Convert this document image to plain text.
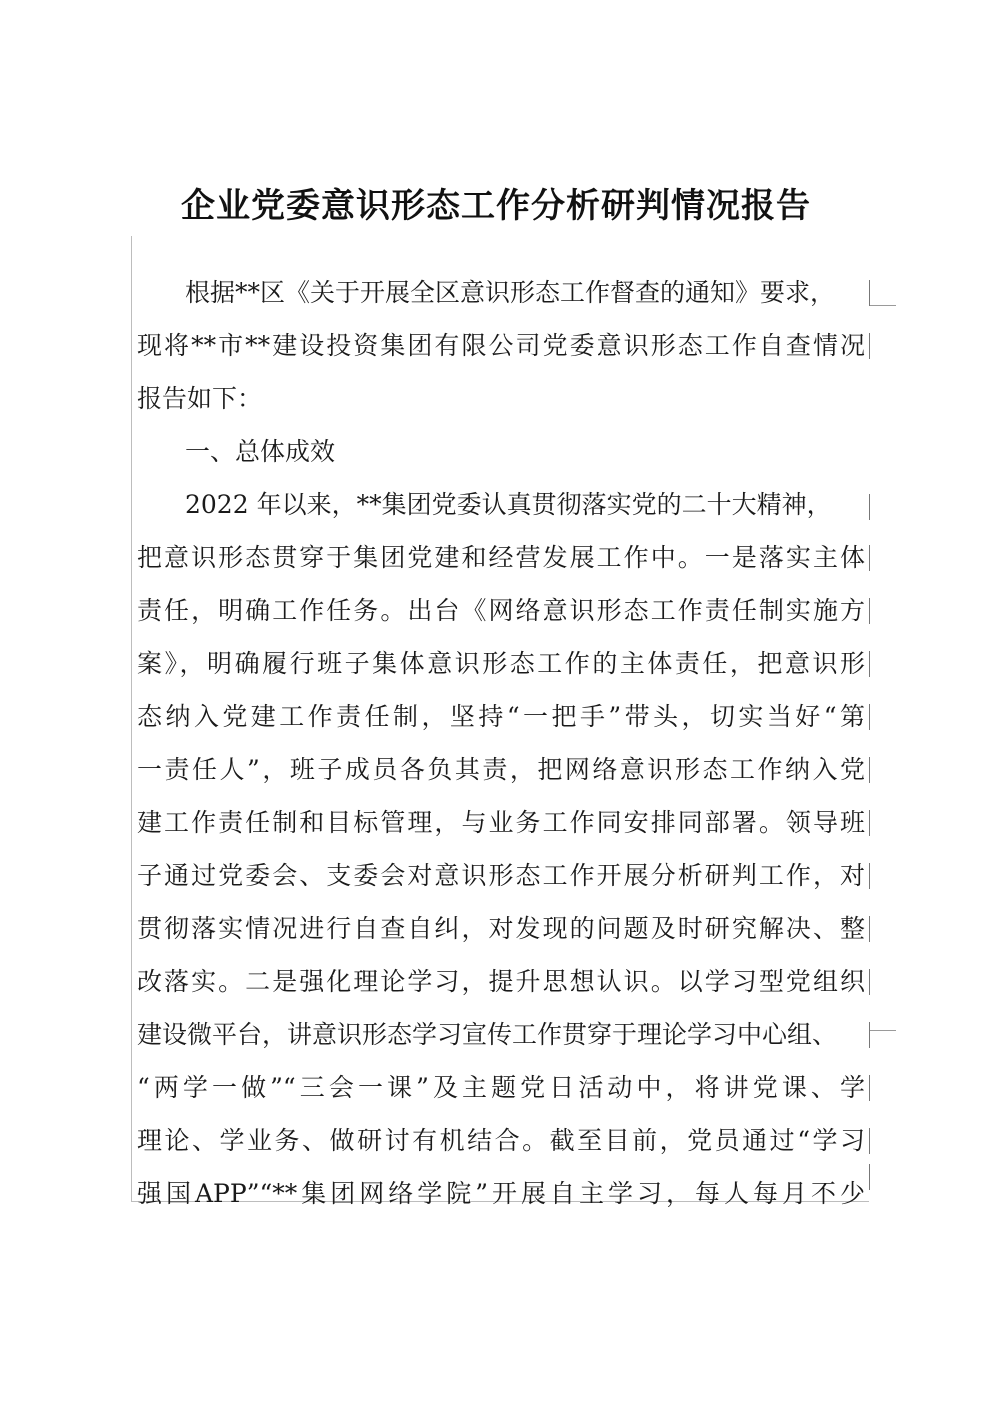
企业党委意识形态工作分析研判情况报告
根据**区《关于开展全区意识形态工作督查的通知》要求，
现将**市**建设投资集团有限公司党委意识形态工作自查情况
报告如下：
一、总体成效
2022 年以来，**集团党委认真贯彻落实党的二十大精神，
把意识形态贯穿于集团党建和经营发展工作中。一是落实主体
责任，明确工作任务。出台《网络意识形态工作责任制实施方
案》，明确履行班子集体意识形态工作的主体责任，把意识形
态纳入党建工作责任制，坚持“一把手”带头，切实当好“第
一责任人”，班子成员各负其责，把网络意识形态工作纳入党
建工作责任制和目标管理，与业务工作同安排同部署。领导班
子通过党委会、支委会对意识形态工作开展分析研判工作，对
贯彻落实情况进行自查自纠，对发现的问题及时研究解决、整
改落实。二是强化理论学习，提升思想认识。以学习型党组织
建设微平台，讲意识形态学习宣传工作贯穿于理论学习中心组、
“两学一做”“三会一课”及主题党日活动中，将讲党课、学
理论、学业务、做研讨有机结合。截至目前，党员通过“学习
强国APP”“**集团网络学院”开展自主学习，每人每月不少
